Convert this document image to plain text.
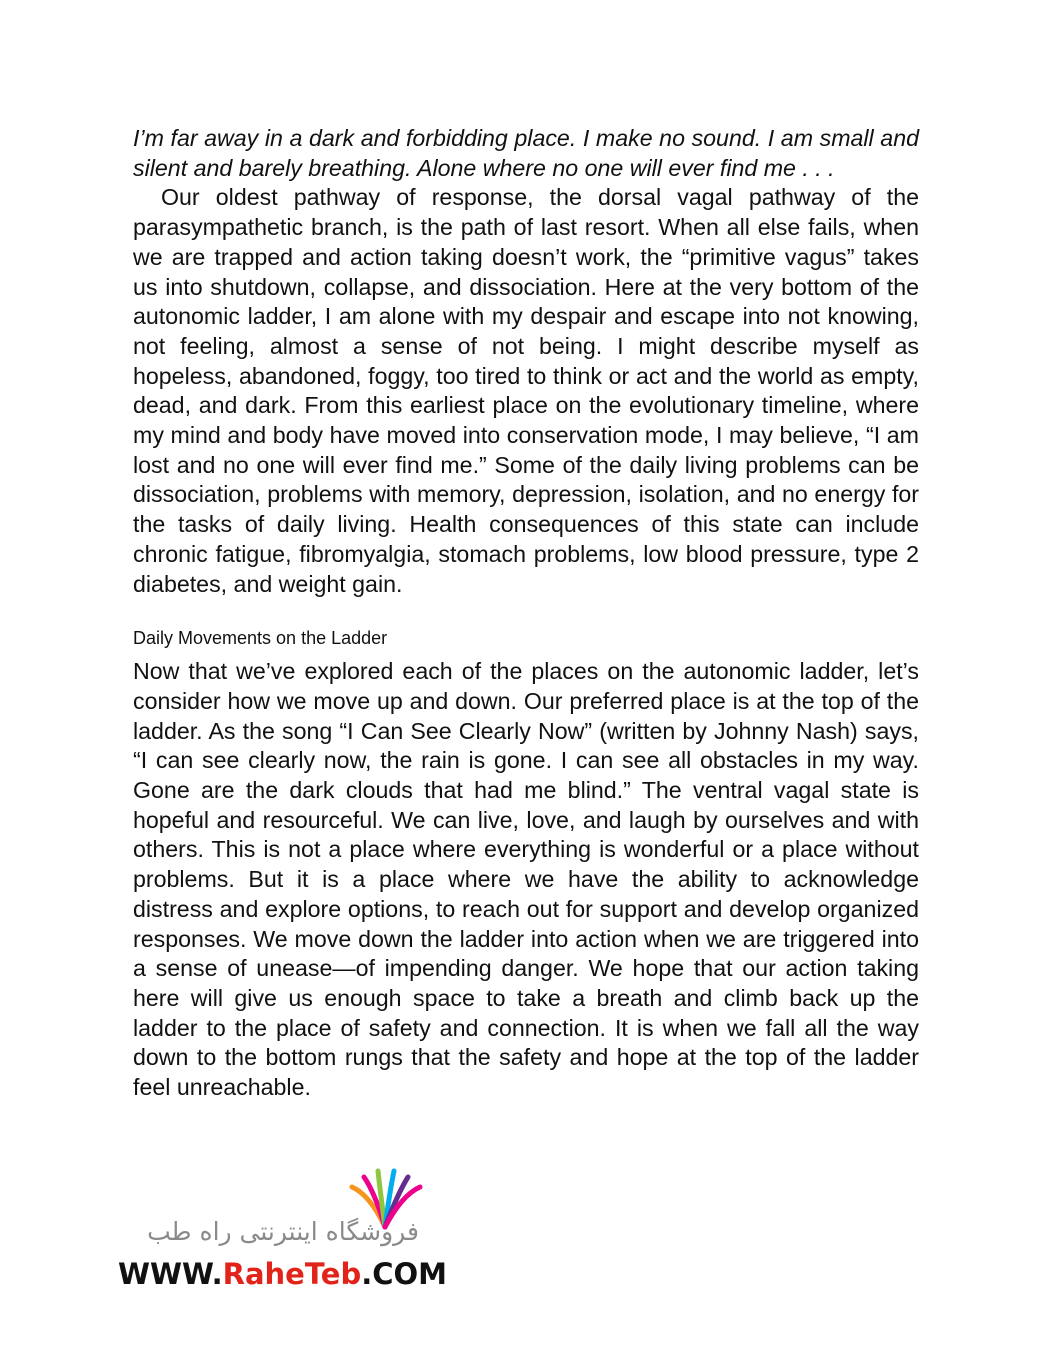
I’m far away in a dark and forbidding place. I make no sound. I am small and silent and barely breathing. Alone where no one will ever find me . . .

Our oldest pathway of response, the dorsal vagal pathway of the parasympathetic branch, is the path of last resort. When all else fails, when we are trapped and action taking doesn’t work, the “primitive vagus” takes us into shutdown, collapse, and dissociation. Here at the very bottom of the autonomic ladder, I am alone with my despair and escape into not knowing, not feeling, almost a sense of not being. I might describe myself as hopeless, abandoned, foggy, too tired to think or act and the world as empty, dead, and dark. From this earliest place on the evolutionary timeline, where my mind and body have moved into conservation mode, I may believe, “I am lost and no one will ever find me.” Some of the daily living problems can be dissociation, problems with memory, depression, isolation, and no energy for the tasks of daily living. Health consequences of this state can include chronic fatigue, fibromyalgia, stomach problems, low blood pressure, type 2 diabetes, and weight gain.

Daily Movements on the Ladder

Now that we’ve explored each of the places on the autonomic ladder, let’s consider how we move up and down. Our preferred place is at the top of the ladder. As the song “I Can See Clearly Now” (written by Johnny Nash) says, “I can see clearly now, the rain is gone. I can see all obstacles in my way. Gone are the dark clouds that had me blind.” The ventral vagal state is hopeful and resourceful. We can live, love, and laugh by ourselves and with others. This is not a place where everything is wonderful or a place without problems. But it is a place where we have the ability to acknowledge distress and explore options, to reach out for support and develop organized responses. We move down the ladder into action when we are triggered into a sense of unease—of impending danger. We hope that our action taking here will give us enough space to take a breath and climb back up the ladder to the place of safety and connection. It is when we fall all the way down to the bottom rungs that the safety and hope at the top of the ladder feel unreachable.

فروشگاه اینترنتی راه طب
WWW.RaheTeb.COM
